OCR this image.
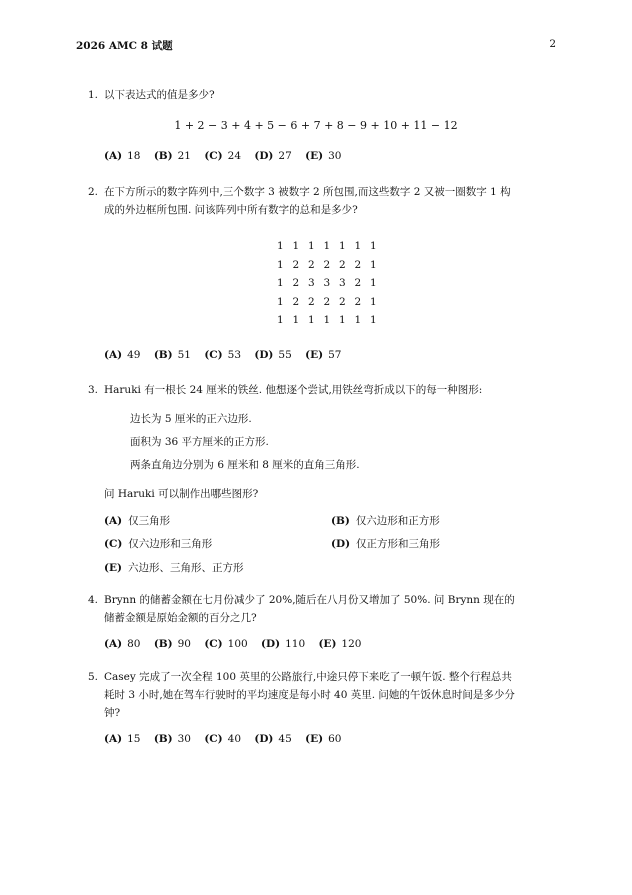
2026 AMC 8 试题	2
1. 以下表达式的值是多少?
1 + 2 − 3 + 4 + 5 − 6 + 7 + 8 − 9 + 10 + 11 − 12
(A) 18 (B) 21 (C) 24 (D) 27 (E) 30
2. 在下方所示的数字阵列中,三个数字 3 被数字 2 所包围,而这些数字 2 又被一圈数字 1 构
成的外边框所包围. 问该阵列中所有数字的总和是多少?
1 1 1 1 1 1 1
1 2 2 2 2 2 1
1 2 3 3 3 2 1
1 2 2 2 2 2 1
1 1 1 1 1 1 1
(A) 49 (B) 51 (C) 53 (D) 55 (E) 57
3. Haruki 有一根长 24 厘米的铁丝. 他想逐个尝试,用铁丝弯折成以下的每一种图形:
边长为 5 厘米的正六边形.
面积为 36 平方厘米的正方形.
两条直角边分别为 6 厘米和 8 厘米的直角三角形.
问 Haruki 可以制作出哪些图形?
(A) 仅三角形	(B) 仅六边形和正方形
(C) 仅六边形和三角形	(D) 仅正方形和三角形
(E) 六边形、三角形、正方形
4. Brynn 的储蓄金额在七月份减少了 20%,随后在八月份又增加了 50%. 问 Brynn 现在的
储蓄金额是原始金额的百分之几?
(A) 80 (B) 90 (C) 100 (D) 110 (E) 120
5. Casey 完成了一次全程 100 英里的公路旅行,中途只停下来吃了一顿午饭. 整个行程总共
耗时 3 小时,她在驾车行驶时的平均速度是每小时 40 英里. 问她的午饭休息时间是多少分
钟?
(A) 15 (B) 30 (C) 40 (D) 45 (E) 60
